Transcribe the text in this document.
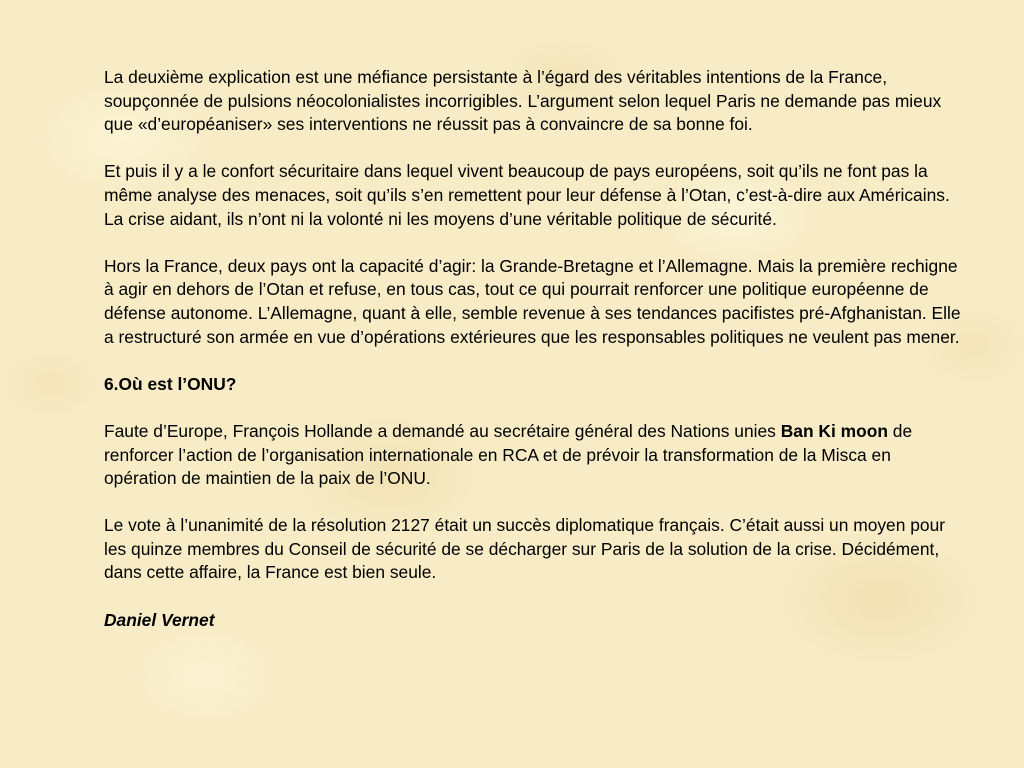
La deuxième explication est une méfiance persistante à l’égard des véritables intentions de la France, soupçonnée de pulsions néocolonialistes incorrigibles. L’argument selon lequel Paris ne demande pas mieux que «d’européaniser» ses interventions ne réussit pas à convaincre de sa bonne foi.

Et puis il y a le confort sécuritaire dans lequel vivent beaucoup de pays européens, soit qu’ils ne font pas la même analyse des menaces, soit qu’ils s’en remettent pour leur défense à l’Otan, c’est-à-dire aux Américains. La crise aidant, ils n’ont ni la volonté ni les moyens d’une véritable politique de sécurité.

Hors la France, deux pays ont la capacité d’agir: la Grande-Bretagne et l’Allemagne. Mais la première rechigne à agir en dehors de l’Otan et refuse, en tous cas, tout ce qui pourrait renforcer une politique européenne de défense autonome. L’Allemagne, quant à elle, semble revenue à ses tendances pacifistes pré-Afghanistan. Elle a restructuré son armée en vue d’opérations extérieures que les responsables politiques ne veulent pas mener.

6.Où est l’ONU?

Faute d’Europe, François Hollande a demandé au secrétaire général des Nations unies Ban Ki moon de renforcer l’action de l’organisation internationale en RCA et de prévoir la transformation de la Misca en opération de maintien de la paix de l’ONU.

Le vote à l’unanimité de la résolution 2127 était un succès diplomatique français. C’était aussi un moyen pour les quinze membres du Conseil de sécurité de se décharger sur Paris de la solution de la crise. Décidément, dans cette affaire, la France est bien seule.

Daniel Vernet
